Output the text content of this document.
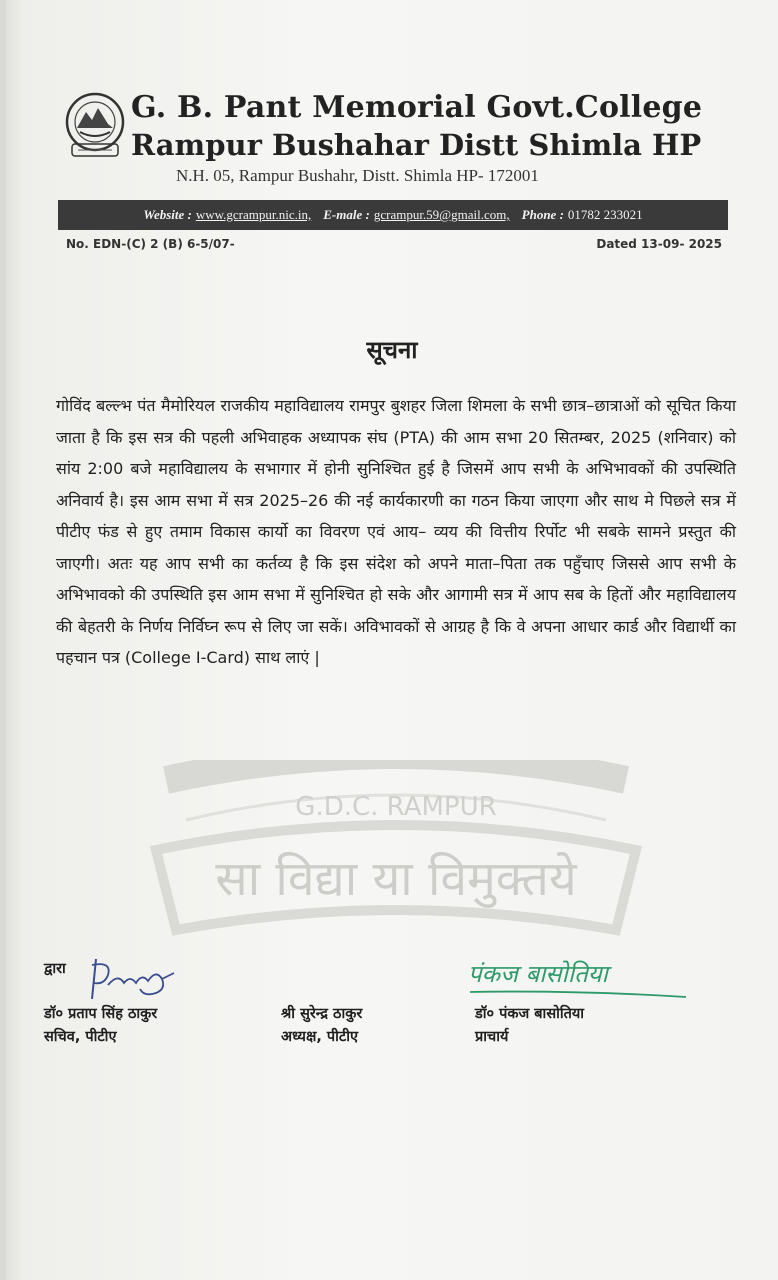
G. B. Pant Memorial Govt.College
Rampur Bushahar Distt Shimla HP
N.H. 05, Rampur Bushahr, Distt. Shimla HP- 172001
Website : www.gcrampur.nic.in, E-male : gcrampur.59@gmail.com, Phone : 01782 233021
No. EDN-(C) 2 (B) 6-5/07-	Dated 13-09- 2025
सूचना
G.D.C. RAMPUR
सा विद्या या विमुक्तये
गोविंद बल्ल्भ पंत मैमोरियल राजकीय महाविद्यालय रामपुर बुशहर जिला शिमला के सभी छात्र–छात्राओं को सूचित किया जाता है कि इस सत्र की पहली अभिवाहक अध्यापक संघ (PTA) की आम सभा 20 सितम्बर, 2025 (शनिवार) को सांय 2:00 बजे महाविद्यालय के सभागार में होनी सुनिश्चित हुई है जिसमें आप सभी के अभिभावकों की उपस्थिति अनिवार्य है। इस आम सभा में सत्र 2025–26 की नई कार्यकारणी का गठन किया जाएगा और साथ मे पिछले सत्र में पीटीए फंड से हुए तमाम विकास कार्यो का विवरण एवं आय– व्यय की वित्तीय रिर्पोट भी सबके सामने प्रस्तुत की जाएगी। अतः यह आप सभी का कर्तव्य है कि इस संदेश को अपने माता–पिता तक पहुँचाए जिससे आप सभी के अभिभावको की उपस्थिति इस आम सभा में सुनिश्चित हो सके और आगामी सत्र में आप सब के हितों और महाविद्यालय की बेहतरी के निर्णय निर्विघ्न रूप से लिए जा सकें। अविभावकों से आग्रह है कि वे अपना आधार कार्ड और विद्यार्थी का पहचान पत्र (College I-Card) साथ लाएं |
द्वारा
डॉ० प्रताप सिंह ठाकुर
सचिव, पीटीए
श्री सुरेन्द्र ठाकुर
अध्यक्ष, पीटीए
पंकज बासोतिया
डॉ० पंकज बासोतिया
प्राचार्य
